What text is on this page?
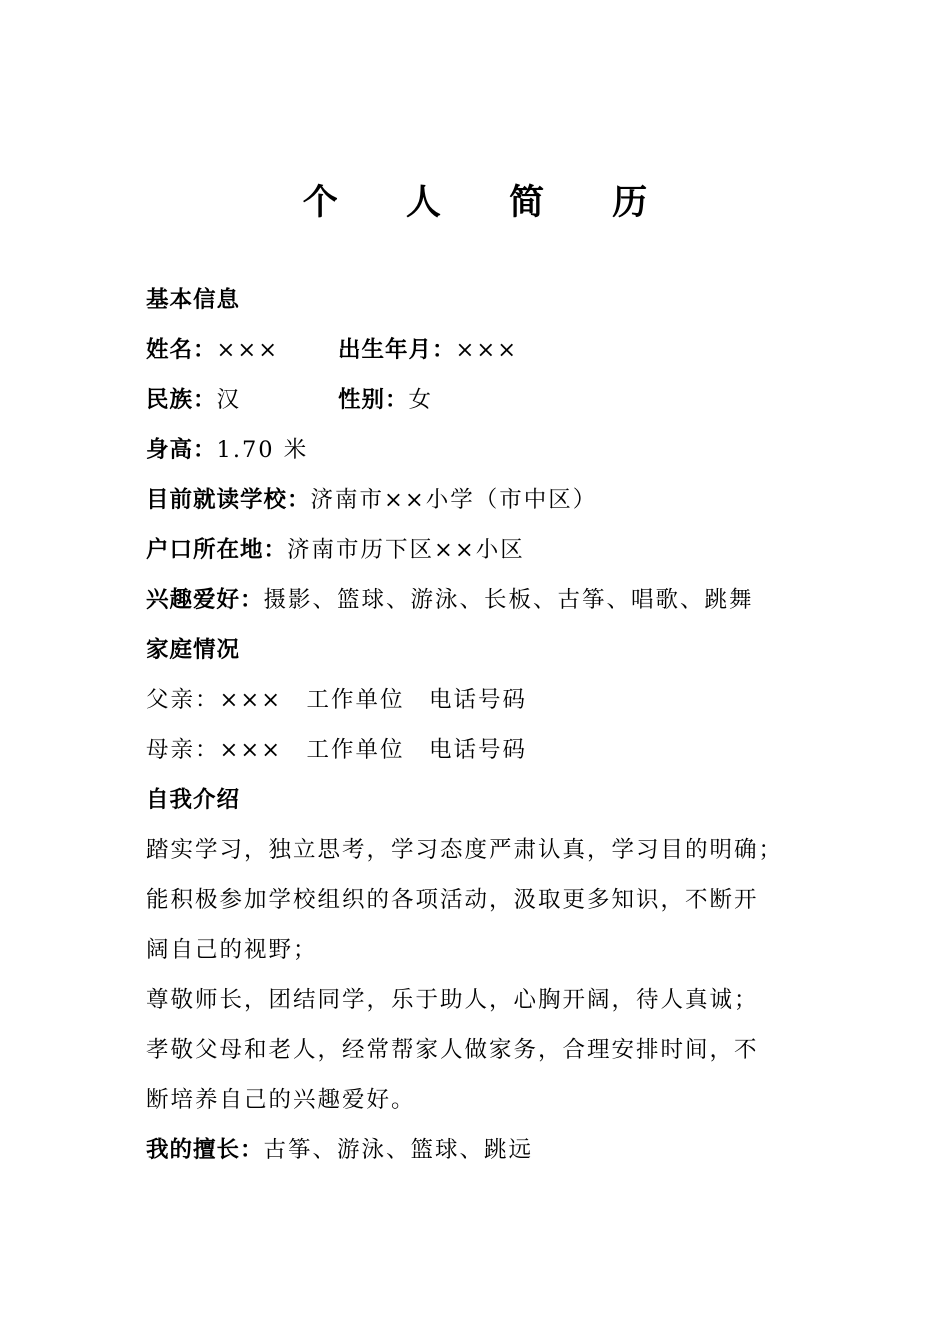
个 人 简 历
基本信息
姓名：×××	出生年月：×××
民族：汉	性别：女
身高：1.70 米
目前就读学校：济南市××小学（市中区）
户口所在地：济南市历下区××小区
兴趣爱好：摄影、篮球、游泳、长板、古筝、唱歌、跳舞
家庭情况
父亲：×××　工作单位　电话号码
母亲：×××　工作单位　电话号码
自我介绍
踏实学习，独立思考，学习态度严肃认真，学习目的明确；
能积极参加学校组织的各项活动，汲取更多知识，不断开
阔自己的视野；
尊敬师长，团结同学，乐于助人，心胸开阔，待人真诚；
孝敬父母和老人，经常帮家人做家务，合理安排时间，不
断培养自己的兴趣爱好。
我的擅长：古筝、游泳、篮球、跳远
